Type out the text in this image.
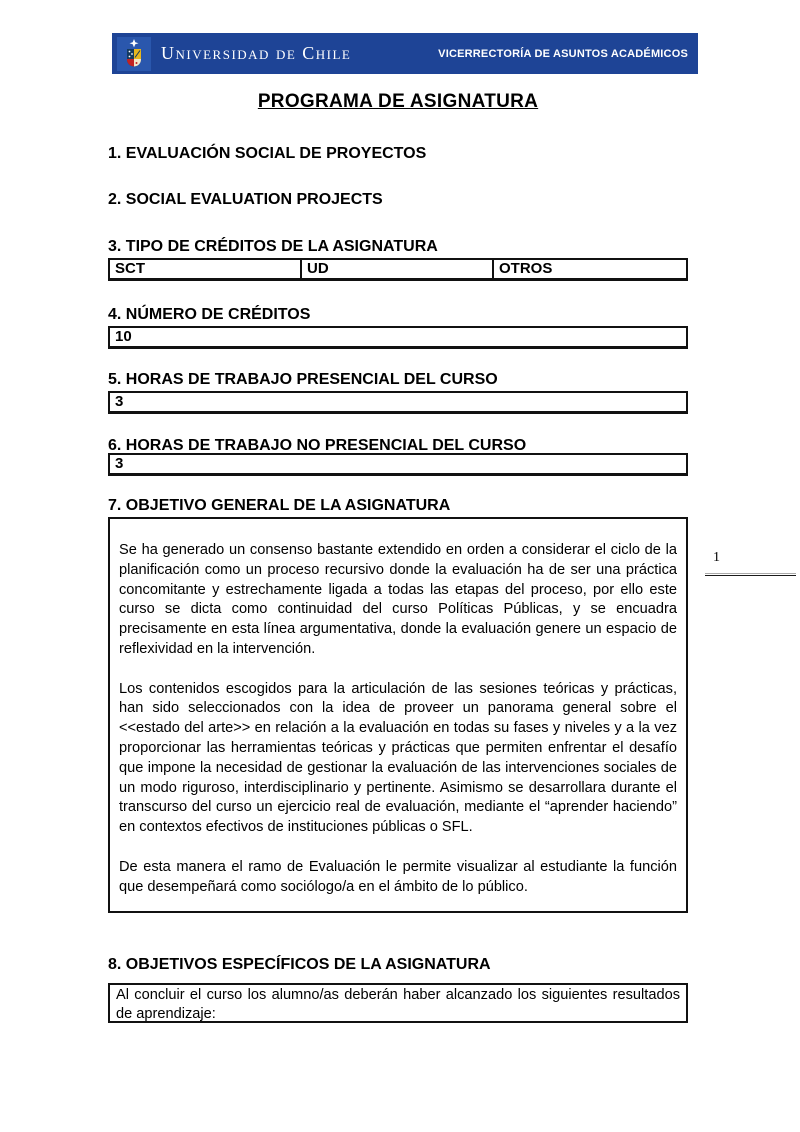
Universidad de Chile	VICERRECTORÍA DE ASUNTOS ACADÉMICOS
PROGRAMA DE ASIGNATURA
1. EVALUACIÓN SOCIAL DE PROYECTOS
2. SOCIAL EVALUATION PROJECTS
3. TIPO DE CRÉDITOS DE LA ASIGNATURA
SCT	UD	OTROS
4. NÚMERO DE CRÉDITOS
10
5. HORAS DE TRABAJO PRESENCIAL DEL CURSO
3
6. HORAS DE TRABAJO NO PRESENCIAL DEL CURSO
3
7. OBJETIVO GENERAL DE LA ASIGNATURA

Se ha generado un consenso bastante extendido en orden a considerar el ciclo de la planificación como un proceso recursivo donde la evaluación ha de ser una práctica concomitante y estrechamente ligada a todas las etapas del proceso, por ello este curso se dicta como continuidad del curso Políticas Públicas, y se encuadra precisamente en esta línea argumentativa, donde la evaluación genere un espacio de reflexividad en la intervención.

Los contenidos escogidos para la articulación de las sesiones teóricas y prácticas, han sido seleccionados con la idea de proveer un panorama general sobre el <<estado del arte>> en relación a la evaluación en todas su fases y niveles y a la vez proporcionar las herramientas teóricas y prácticas que permiten enfrentar el desafío que impone la necesidad de gestionar la evaluación de las intervenciones sociales de un modo riguroso, interdisciplinario y pertinente. Asimismo se desarrollara durante el transcurso del curso un ejercicio real de evaluación, mediante el “aprender haciendo” en contextos efectivos de instituciones públicas o SFL.

De esta manera el ramo de Evaluación le permite visualizar al estudiante la función que desempeñará como sociólogo/a en el ámbito de lo público.

1
8. OBJETIVOS ESPECÍFICOS DE LA ASIGNATURA
Al concluir el curso los alumno/as deberán haber alcanzado los siguientes resultados de aprendizaje:
